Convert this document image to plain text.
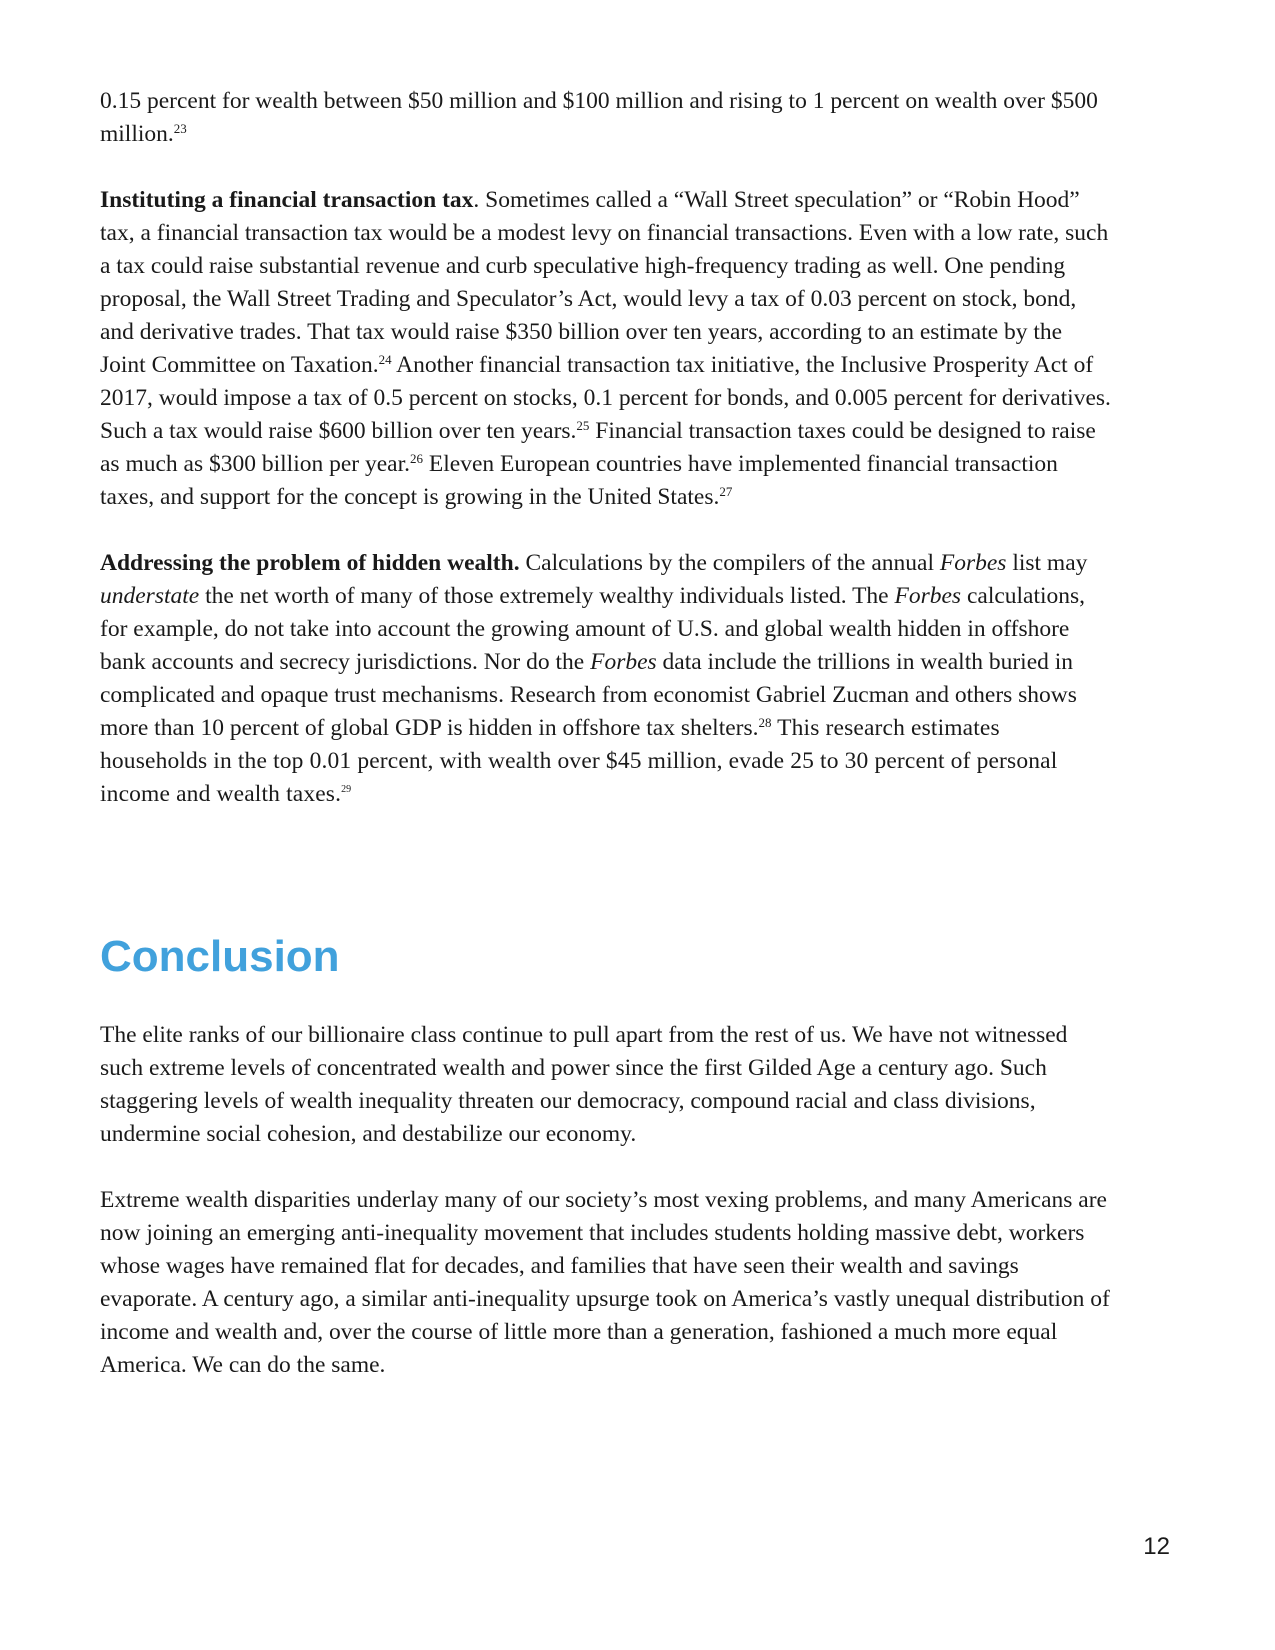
0.15 percent for wealth between $50 million and $100 million and rising to 1 percent on wealth over $500 million.$^{23}$

Instituting a financial transaction tax. Sometimes called a “Wall Street speculation” or “Robin Hood” tax, a financial transaction tax would be a modest levy on financial transactions. Even with a low rate, such a tax could raise substantial revenue and curb speculative high-frequency trading as well. One pending proposal, the Wall Street Trading and Speculator’s Act, would levy a tax of 0.03 percent on stock, bond, and derivative trades. That tax would raise $350 billion over ten years, according to an estimate by the Joint Committee on Taxation.$^{24}$ Another financial transaction tax initiative, the Inclusive Prosperity Act of 2017, would impose a tax of 0.5 percent on stocks, 0.1 percent for bonds, and 0.005 percent for derivatives. Such a tax would raise $600 billion over ten years.$^{25}$ Financial transaction taxes could be designed to raise as much as $300 billion per year.$^{26}$ Eleven European countries have implemented financial transaction taxes, and support for the concept is growing in the United States.$^{27}$

Addressing the problem of hidden wealth. Calculations by the compilers of the annual Forbes list may understate the net worth of many of those extremely wealthy individuals listed. The Forbes calculations, for example, do not take into account the growing amount of U.S. and global wealth hidden in offshore bank accounts and secrecy jurisdictions. Nor do the Forbes data include the trillions in wealth buried in complicated and opaque trust mechanisms. Research from economist Gabriel Zucman and others shows more than 10 percent of global GDP is hidden in offshore tax shelters.$^{28}$ This research estimates households in the top 0.01 percent, with wealth over $45 million, evade 25 to 30 percent of personal income and wealth taxes.$^{29}$

Conclusion

The elite ranks of our billionaire class continue to pull apart from the rest of us. We have not witnessed such extreme levels of concentrated wealth and power since the first Gilded Age a century ago. Such staggering levels of wealth inequality threaten our democracy, compound racial and class divisions, undermine social cohesion, and destabilize our economy.

Extreme wealth disparities underlay many of our society’s most vexing problems, and many Americans are now joining an emerging anti-inequality movement that includes students holding massive debt, workers whose wages have remained flat for decades, and families that have seen their wealth and savings evaporate. A century ago, a similar anti-inequality upsurge took on America’s vastly unequal distribution of income and wealth and, over the course of little more than a generation, fashioned a much more equal America. We can do the same.

12
